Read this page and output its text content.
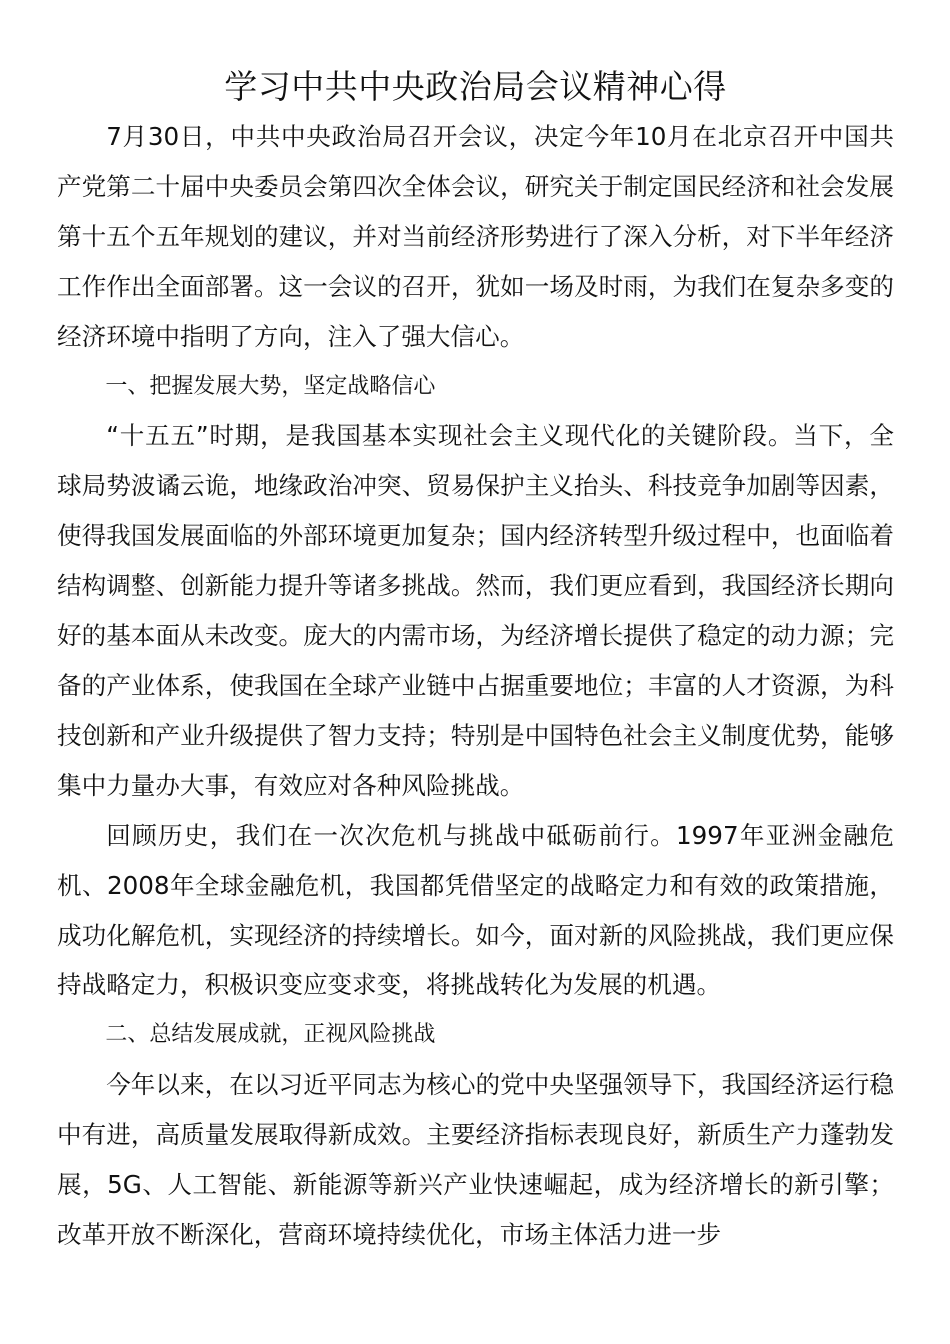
学习中共中央政治局会议精神心得

7月30日，中共中央政治局召开会议，决定今年10月在北京召开中国共产党第二十届中央委员会第四次全体会议，研究关于制定国民经济和社会发展第十五个五年规划的建议，并对当前经济形势进行了深入分析，对下半年经济工作作出全面部署。这一会议的召开，犹如一场及时雨，为我们在复杂多变的经济环境中指明了方向，注入了强大信心。

一、把握发展大势，坚定战略信心

“十五五”时期，是我国基本实现社会主义现代化的关键阶段。当下，全球局势波谲云诡，地缘政治冲突、贸易保护主义抬头、科技竞争加剧等因素，使得我国发展面临的外部环境更加复杂；国内经济转型升级过程中，也面临着结构调整、创新能力提升等诸多挑战。然而，我们更应看到，我国经济长期向好的基本面从未改变。庞大的内需市场，为经济增长提供了稳定的动力源；完备的产业体系，使我国在全球产业链中占据重要地位；丰富的人才资源，为科技创新和产业升级提供了智力支持；特别是中国特色社会主义制度优势，能够集中力量办大事，有效应对各种风险挑战。

回顾历史，我们在一次次危机与挑战中砥砺前行。1997年亚洲金融危机、2008年全球金融危机，我国都凭借坚定的战略定力和有效的政策措施，成功化解危机，实现经济的持续增长。如今，面对新的风险挑战，我们更应保持战略定力，积极识变应变求变，将挑战转化为发展的机遇。

二、总结发展成就，正视风险挑战

今年以来，在以习近平同志为核心的党中央坚强领导下，我国经济运行稳中有进，高质量发展取得新成效。主要经济指标表现良好，新质生产力蓬勃发展，5G、人工智能、新能源等新兴产业快速崛起，成为经济增长的新引擎；改革开放不断深化，营商环境持续优化，市场主体活力进一步
